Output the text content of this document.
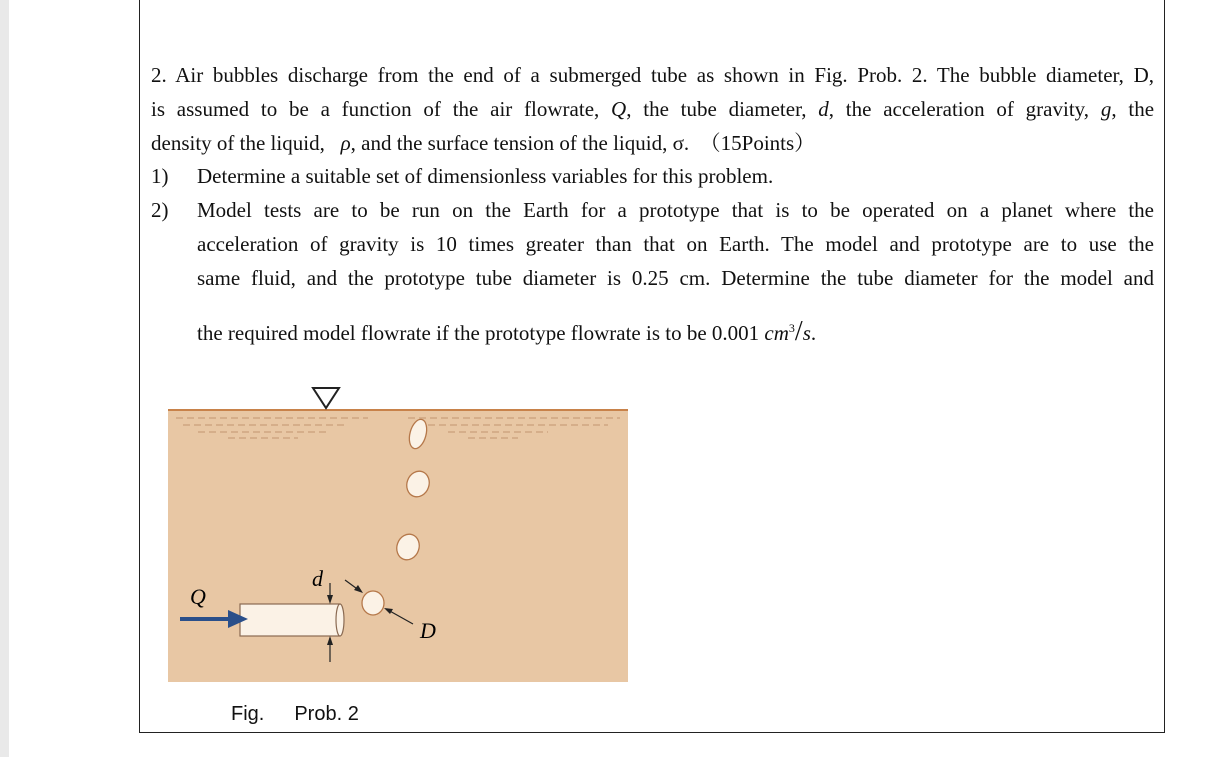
2. Air bubbles discharge from the end of a submerged tube as shown in Fig. Prob. 2. The bubble diameter, D,
is assumed to be a function of the air flowrate, Q, the tube diameter, d, the acceleration of gravity, g, the
density of the liquid, ρ, and the surface tension of the liquid, σ. （15Points）
1) Determine a suitable set of dimensionless variables for this problem.
2) Model tests are to be run on the Earth for a prototype that is to be operated on a planet where the
acceleration of gravity is 10 times greater than that on Earth. The model and prototype are to use the
same fluid, and the prototype tube diameter is 0.25 cm. Determine the tube diameter for the model and
the required model flowrate if the prototype flowrate is to be 0.001 $cm^3/s$.
Q
d
D
Fig. Prob. 2
